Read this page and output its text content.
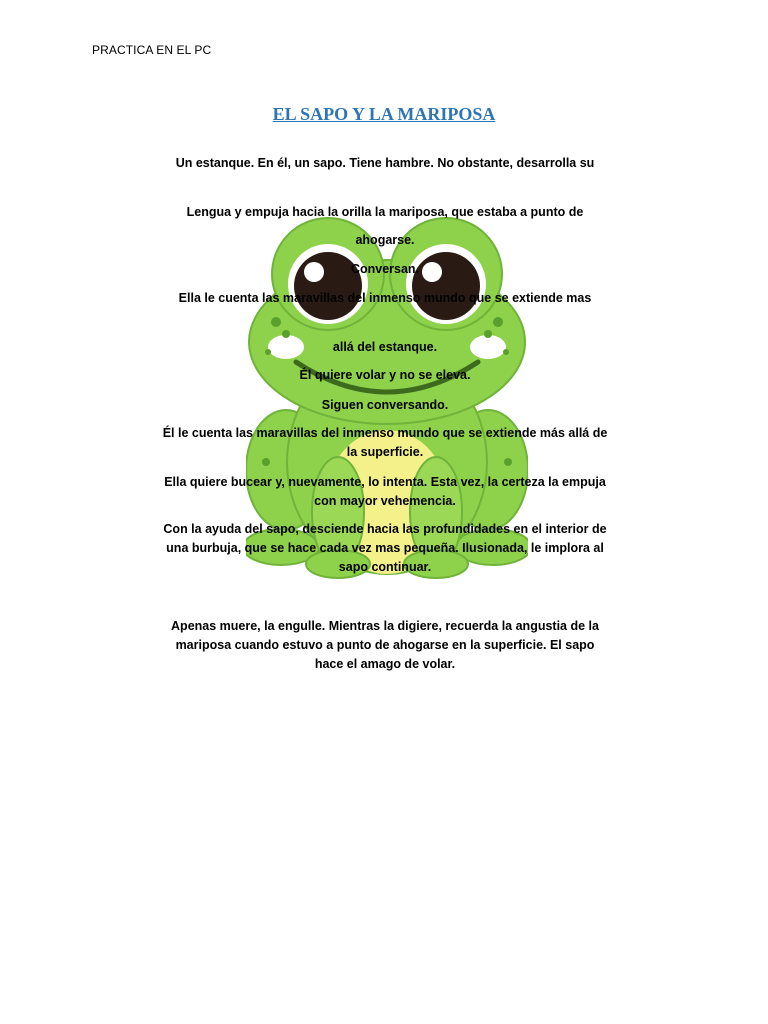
PRACTICA EN EL PC
EL SAPO Y LA MARIPOSA
Un estanque. En él, un sapo. Tiene hambre. No obstante, desarrolla su
Lengua y empuja hacia la orilla la mariposa, que estaba a punto de
ahogarse.
Conversan.
Ella le cuenta las maravillas del inmenso mundo que se extiende mas
allá del estanque.
Él quiere volar y no se eleva.
Siguen conversando.
Él le cuenta las maravillas del inmenso mundo que se extiende más allá de la superficie.
Ella quiere bucear y, nuevamente, lo intenta. Esta vez, la certeza la empuja con mayor vehemencia.
Con la ayuda del sapo, desciende hacia las profundidades en el interior de una burbuja, que se hace cada vez mas pequeña. Ilusionada, le implora al sapo continuar.
Apenas muere, la engulle. Mientras la digiere, recuerda la angustia de la mariposa cuando estuvo a punto de ahogarse en la superficie. El sapo hace el amago de volar.
